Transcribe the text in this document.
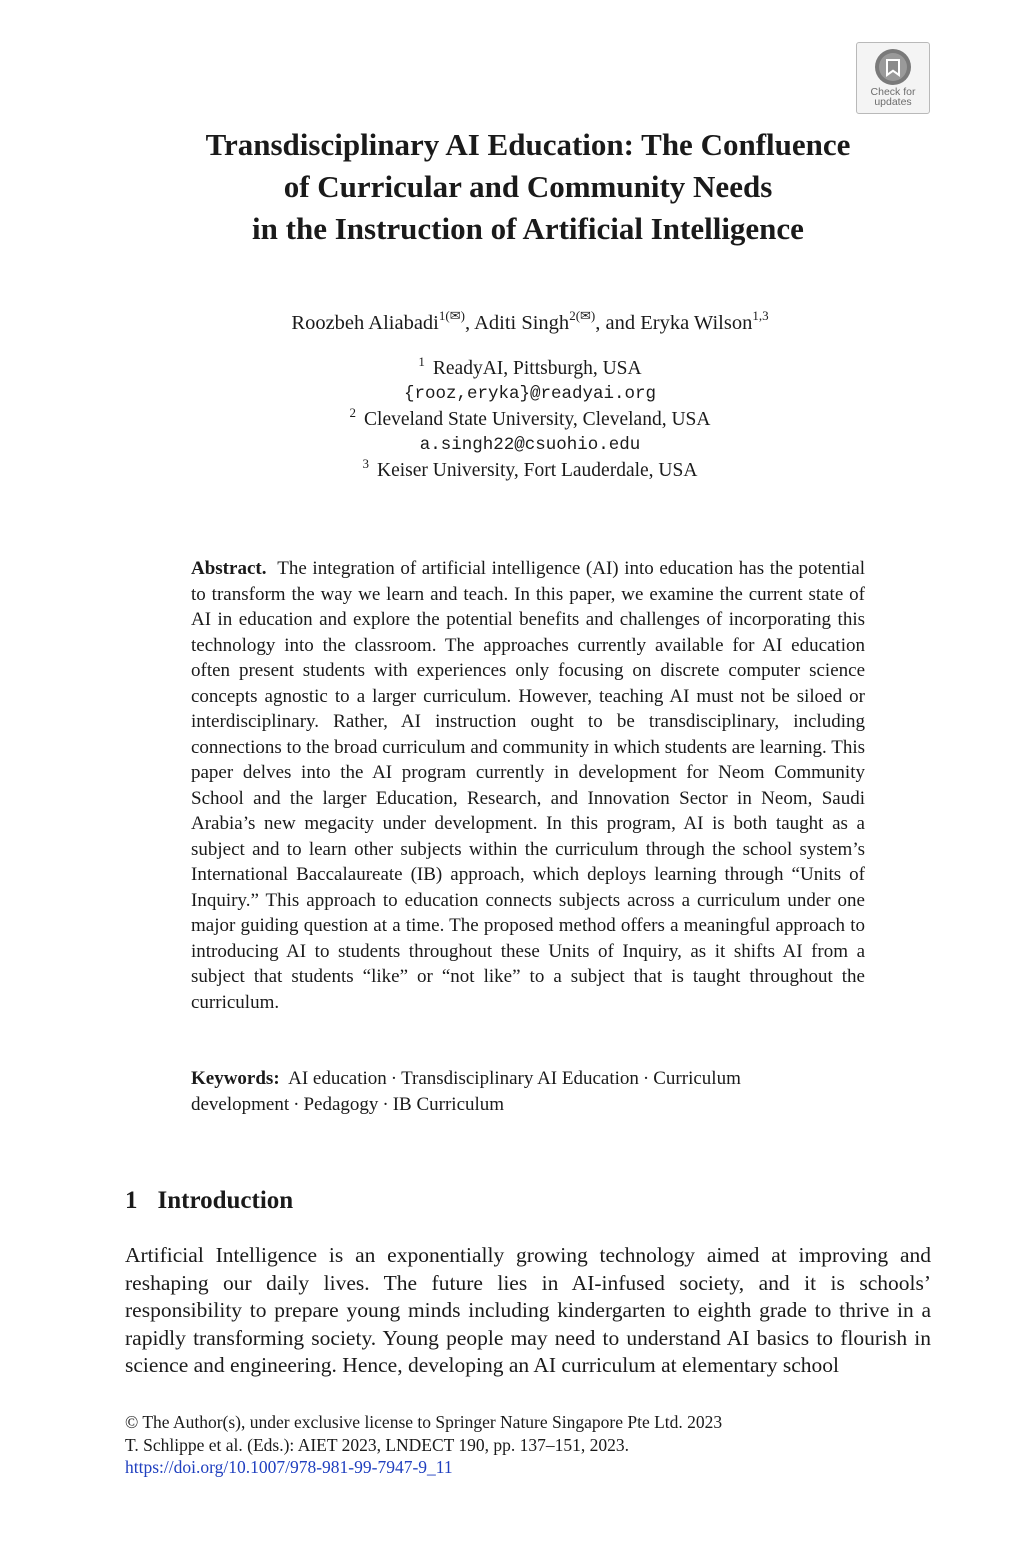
Check for
updates
Transdisciplinary AI Education: The Confluence
of Curricular and Community Needs
in the Instruction of Artificial Intelligence
Roozbeh Aliabadi$^{1(✉)}$, Aditi Singh$^{2(✉)}$, and Eryka Wilson$^{1,3}$
$^1$ ReadyAI, Pittsburgh, USA
{rooz,eryka}@readyai.org
$^2$ Cleveland State University, Cleveland, USA
a.singh22@csuohio.edu
$^3$ Keiser University, Fort Lauderdale, USA

Abstract. The integration of artificial intelligence (AI) into education has the potential to transform the way we learn and teach. In this paper, we examine the current state of AI in education and explore the potential benefits and challenges of incorporating this technology into the classroom. The approaches currently available for AI education often present students with experiences only focusing on discrete computer science concepts agnostic to a larger curriculum. However, teaching AI must not be siloed or interdisciplinary. Rather, AI instruction ought to be transdisciplinary, including connections to the broad curriculum and community in which students are learning. This paper delves into the AI program currently in development for Neom Community School and the larger Education, Research, and Innovation Sector in Neom, Saudi Arabia’s new megacity under development. In this program, AI is both taught as a subject and to learn other subjects within the curriculum through the school system’s International Baccalaureate (IB) approach, which deploys learning through “Units of Inquiry.” This approach to education connects subjects across a curriculum under one major guiding question at a time. The proposed method offers a meaningful approach to introducing AI to students throughout these Units of Inquiry, as it shifts AI from a subject that students “like” or “not like” to a subject that is taught throughout the curriculum.

Keywords: AI education · Transdisciplinary AI Education · Curriculum development · Pedagogy · IB Curriculum

1 Introduction

Artificial Intelligence is an exponentially growing technology aimed at improving and reshaping our daily lives. The future lies in AI-infused society, and it is schools’ responsibility to prepare young minds including kindergarten to eighth grade to thrive in a rapidly transforming society. Young people may need to understand AI basics to flourish in science and engineering. Hence, developing an AI curriculum at elementary school

© The Author(s), under exclusive license to Springer Nature Singapore Pte Ltd. 2023
T. Schlippe et al. (Eds.): AIET 2023, LNDECT 190, pp. 137–151, 2023.
https://doi.org/10.1007/978-981-99-7947-9_11
